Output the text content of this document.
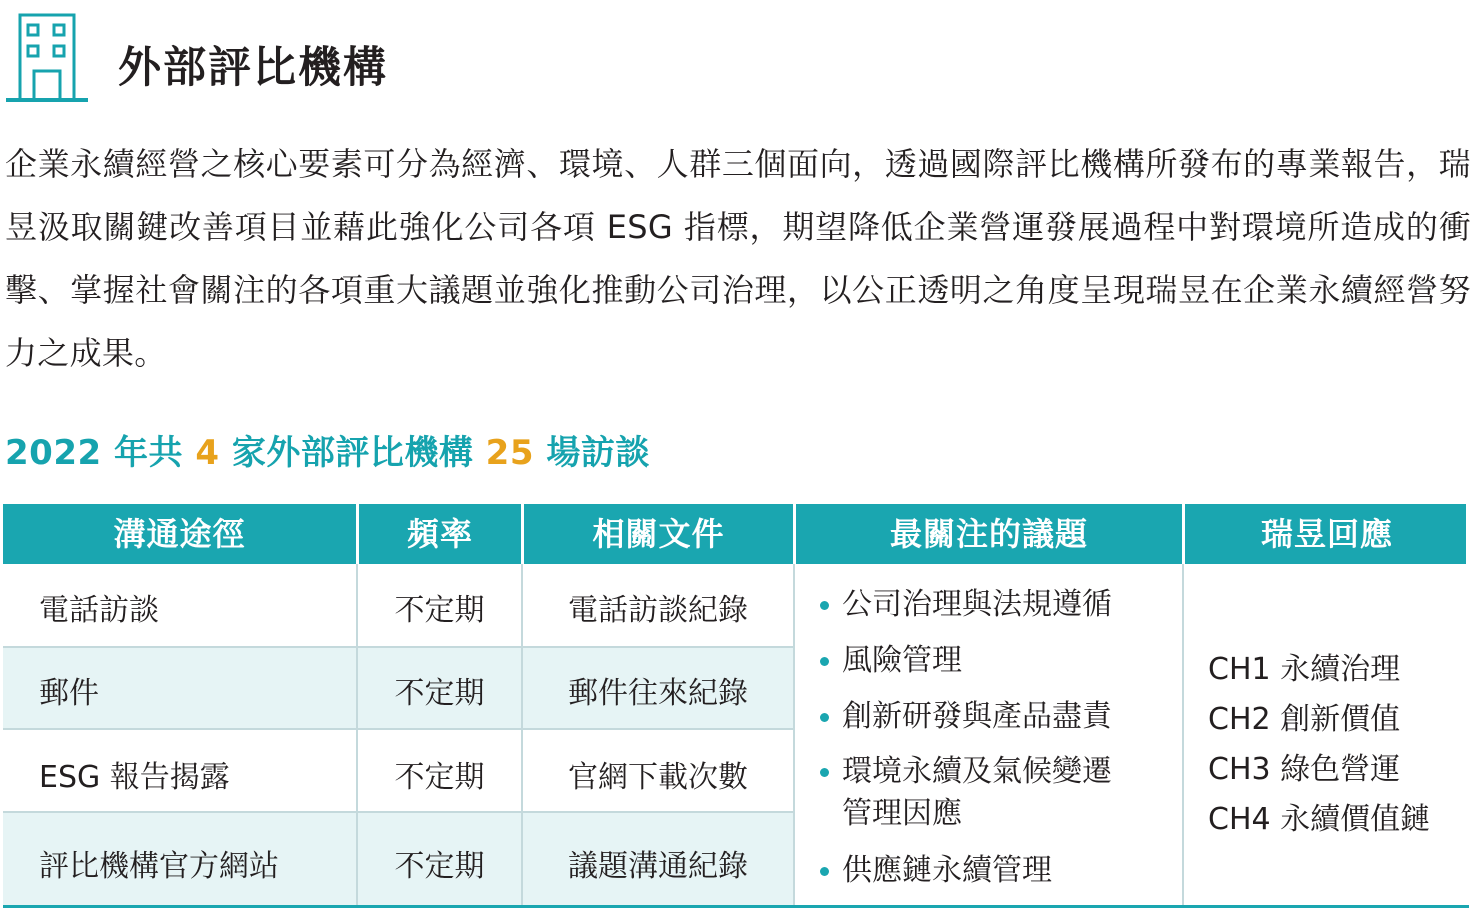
外部評比機構
企業永續經營之核心要素可分為經濟、環境、人群三個面向，透過國際評比機構所發布的專業報告，瑞昱汲取關鍵改善項目並藉此強化公司各項 ESG 指標，期望降低企業營運發展過程中對環境所造成的衝擊、掌握社會關注的各項重大議題並強化推動公司治理，以公正透明之角度呈現瑞昱在企業永續經營努力之成果。
2022 年共 4 家外部評比機構 25 場訪談
溝通途徑	頻率	相關文件	最關注的議題	瑞昱回應
電話訪談	不定期	電話訪談紀錄
郵件	不定期	郵件往來紀錄
ESG 報告揭露	不定期	官網下載次數
評比機構官方網站	不定期	議題溝通紀錄
公司治理與法規遵循
風險管理
創新研發與產品盡責
環境永續及氣候變遷
管理因應
供應鏈永續管理
CH1 永續治理
CH2 創新價值
CH3 綠色營運
CH4 永續價值鏈
